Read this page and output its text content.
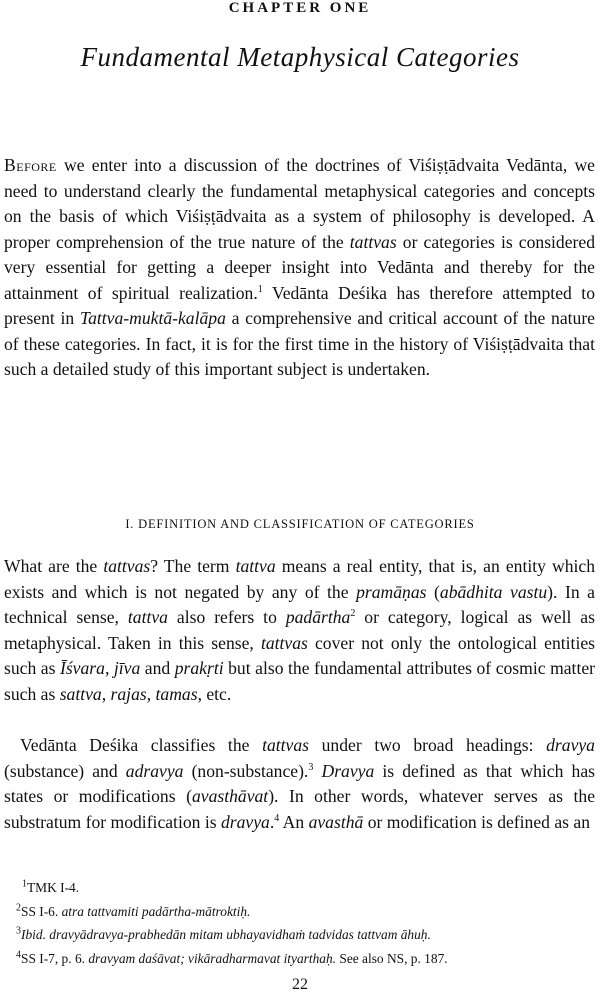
CHAPTER ONE
Fundamental Metaphysical Categories

Before we enter into a discussion of the doctrines of Viśiṣṭādvaita Vedānta, we need to understand clearly the fundamental metaphysical categories and concepts on the basis of which Viśiṣṭādvaita as a system of philosophy is developed. A proper comprehension of the true nature of the tattvas or categories is considered very essential for getting a deeper insight into Vedānta and thereby for the attainment of spiritual realization.$^1$ Vedānta Deśika has therefore attempted to present in Tattva-muktā-kalāpa a comprehensive and critical account of the nature of these categories. In fact, it is for the first time in the history of Viśiṣṭādvaita that such a detailed study of this important subject is undertaken.

I. DEFINITION AND CLASSIFICATION OF CATEGORIES

What are the tattvas? The term tattva means a real entity, that is, an entity which exists and which is not negated by any of the pramāṇas (abādhita vastu). In a technical sense, tattva also refers to padārtha$^2$ or category, logical as well as metaphysical. Taken in this sense, tattvas cover not only the ontological entities such as Īśvara, jīva and prakṛti but also the fundamental attributes of cosmic matter such as sattva, rajas, tamas, etc.

Vedānta Deśika classifies the tattvas under two broad headings: dravya (substance) and adravya (non-substance).$^3$ Dravya is defined as that which has states or modifications (avasthāvat). In other words, whatever serves as the substratum for modification is dravya.$^4$ An avasthā or modification is defined as an

$^1$TMK I-4.

$^2$SS I-6. atra tattvamiti padārtha-mātroktiḥ.

$^3$Ibid. dravyādravya-prabhedān mitam ubhayavidhaṁ tadvidas tattvam āhuḥ.

$^4$SS I-7, p. 6. dravyam daśāvat; vikāradharmavat ityarthaḥ. See also NS, p. 187.

22
